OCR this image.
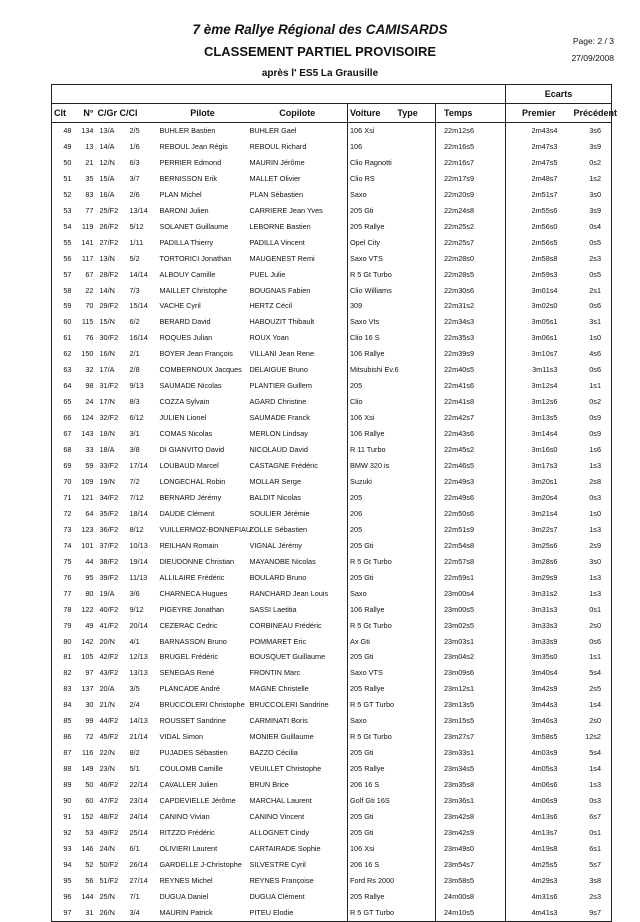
7 ème Rallye Régional des CAMISARDS
CLASSEMENT PARTIEL PROVISOIRE
après l' ES5 La Grausille
Page: 2 / 3
27/09/2008
								Ecarts	
Clt	N°	C/Gr C/Cl		Pilote	Copilote	Voiture Type	Temps	Premier	Précédent
48	134	13/A	2/5	BUHLER Bastien	BUHLER Gael	106 Xsi	22m12s6	2m43s4	3s6
49	13	14/A	1/6	REBOUL Jean Régis	REBOUL Richard	106	22m16s5	2m47s3	3s9
50	21	12/N	6/3	PERRIER Edmond	MAURIN Jérôme	Clio Ragnotti	22m16s7	2m47s5	0s2
51	35	15/A	3/7	BERNISSON Erik	MALLET Olivier	Clio RS	22m17s9	2m48s7	1s2
52	83	16/A	2/6	PLAN Michel	PLAN Sébastien	Saxo	22m20s9	2m51s7	3s0
53	77	25/F2	13/14	BARONI Julien	CARRIERE Jean Yves	205 Gti	22m24s8	2m55s6	3s9
54	119	26/F2	5/12	SOLANET Guillaume	LEBORNE Bastien	205 Rallye	22m25s2	2m56s0	0s4
55	141	27/F2	1/11	PADILLA Thierry	PADILLA Vincent	Opel City	22m25s7	2m56s5	0s5
56	117	13/N	5/2	TORTORICI Jonathan	MAUGENEST Remi	Saxo VTS	22m28s0	2m58s8	2s3
57	67	28/F2	14/14	ALBOUY Camille	PUEL Julie	R 5 Gt Turbo	22m28s5	2m59s3	0s5
58	22	14/N	7/3	MAILLET Christophe	BOUGNAS Fabien	Clio Williams	22m30s6	3m01s4	2s1
59	70	29/F2	15/14	VACHE Cyril	HERTZ Cécil	309	22m31s2	3m02s0	0s6
60	115	15/N	6/2	BERARD David	HABOUZIT Thibault	Saxo Vts	22m34s3	3m05s1	3s1
61	76	30/F2	16/14	ROQUES Julian	ROUX Yoan	Clio 16 S	22m35s3	3m06s1	1s0
62	150	16/N	2/1	BOYER Jean François	VILLANI Jean Rene	106 Rallye	22m39s9	3m10s7	4s6
63	32	17/A	2/8	COMBERNOUX Jacques	DELAIGUE Bruno	Mitsubishi Ev.6	22m40s5	3m11s3	0s6
64	98	31/F2	9/13	SAUMADE Nicolas	PLANTIER Guillem	205	22m41s6	3m12s4	1s1
65	24	17/N	8/3	COZZA Sylvain	AGARD Christine	Clio	22m41s8	3m12s6	0s2
66	124	32/F2	6/12	JULIEN Lionel	SAUMADE Franck	106 Xsi	22m42s7	3m13s5	0s9
67	143	18/N	3/1	COMAS Nicolas	MERLON Lindsay	106 Rallye	22m43s6	3m14s4	0s9
68	33	18/A	3/8	DI GIANVITO David	NICOLAUD David	R 11 Turbo	22m45s2	3m16s0	1s6
69	59	33/F2	17/14	LOUBAUD Marcel	CASTAGNE Frédéric	BMW 320 is	22m46s5	3m17s3	1s3
70	109	19/N	7/2	LONGECHAL Robin	MOLLAR Serge	Suzuki	22m49s3	3m20s1	2s8
71	121	34/F2	7/12	BERNARD Jérémy	BALDIT Nicolas	205	22m49s6	3m20s4	0s3
72	64	35/F2	18/14	DAUDE Clément	SOULIER Jérémie	206	22m50s6	3m21s4	1s0
73	123	36/F2	8/12	VUILLERMOZ-BONNEFIAU	ZOLLE Sébastien	205	22m51s9	3m22s7	1s3
74	101	37/F2	10/13	REILHAN Romain	VIGNAL Jérémy	205 Gti	22m54s8	3m25s6	2s9
75	44	38/F2	19/14	DIEUDONNE Christian	MAYANOBE Nicolas	R 5 Gt Turbo	22m57s8	3m28s6	3s0
76	95	39/F2	11/13	ALLILAIRE Frédéric	BOULARD Bruno	205 Gti	22m59s1	3m29s9	1s3
77	80	19/A	3/6	CHARNECA Hugues	RANCHARD Jean Louis	Saxo	23m00s4	3m31s2	1s3
78	122	40/F2	9/12	PIGEYRE Jonathan	SASSI Laetitia	106 Rallye	23m00s5	3m31s3	0s1
79	49	41/F2	20/14	CEZERAC Cedric	CORBINEAU Frédéric	R 5 Gt Turbo	23m02s5	3m33s3	2s0
80	142	20/N	4/1	BARNASSON Bruno	POMMARET Eric	Ax Gti	23m03s1	3m33s9	0s6
81	105	42/F2	12/13	BRUGEL Frédéric	BOUSQUET Guillaume	205 Gti	23m04s2	3m35s0	1s1
82	97	43/F2	13/13	SENEGAS René	FRONTIN Marc	Saxo VTS	23m09s6	3m40s4	5s4
83	137	20/A	3/5	PLANCADE André	MAGNE Christelle	205 Rallye	23m12s1	3m42s9	2s5
84	30	21/N	2/4	BRUCCOLERI Christophe	BRUCCOLERI Sandrine	R 5 GT Turbo	23m13s5	3m44s3	1s4
85	99	44/F2	14/13	ROUSSET Sandrine	CARMINATI Boris	Saxo	23m15s5	3m46s3	2s0
86	72	45/F2	21/14	VIDAL Simon	MONIER Guillaume	R 5 Gt Turbo	23m27s7	3m58s5	12s2
87	116	22/N	8/2	PUJADES Sébastien	BAZZO Cécilia	205 Gti	23m33s1	4m03s9	5s4
88	149	23/N	5/1	COULOMB Camille	VEUILLET Christophe	205 Rallye	23m34s5	4m05s3	1s4
89	50	46/F2	22/14	CAVALLER Julien	BRUN Brice	206 16 S	23m35s8	4m06s6	1s3
90	60	47/F2	23/14	CAPDEVIELLE Jérôme	MARCHAL Laurent	Golf Gti 16S	23m36s1	4m06s9	0s3
91	152	48/F2	24/14	CANINO Vivian	CANINO Vincent	205 Gti	23m42s8	4m13s6	6s7
92	53	49/F2	25/14	RITZZO Frédéric	ALLOGNET Cindy	205 Gti	23m42s9	4m13s7	0s1
93	146	24/N	6/1	OLIVIERI Laurent	CARTAIRADE Sophie	106 Xsi	23m49s0	4m19s8	6s1
94	52	50/F2	26/14	GARDELLE J-Christophe	SILVESTRE Cyril	206 16 S	23m54s7	4m25s5	5s7
95	56	51/F2	27/14	REYNES Michel	REYNES Françoise	Ford Rs 2000	23m58s5	4m29s3	3s8
96	144	25/N	7/1	DUGUA Daniel	DUGUA Clément	205 Rallye	24m00s8	4m31s6	2s3
97	31	26/N	3/4	MAURIN Patrick	PITEU Elodie	R 5 GT Turbo	24m10s5	4m41s3	9s7
